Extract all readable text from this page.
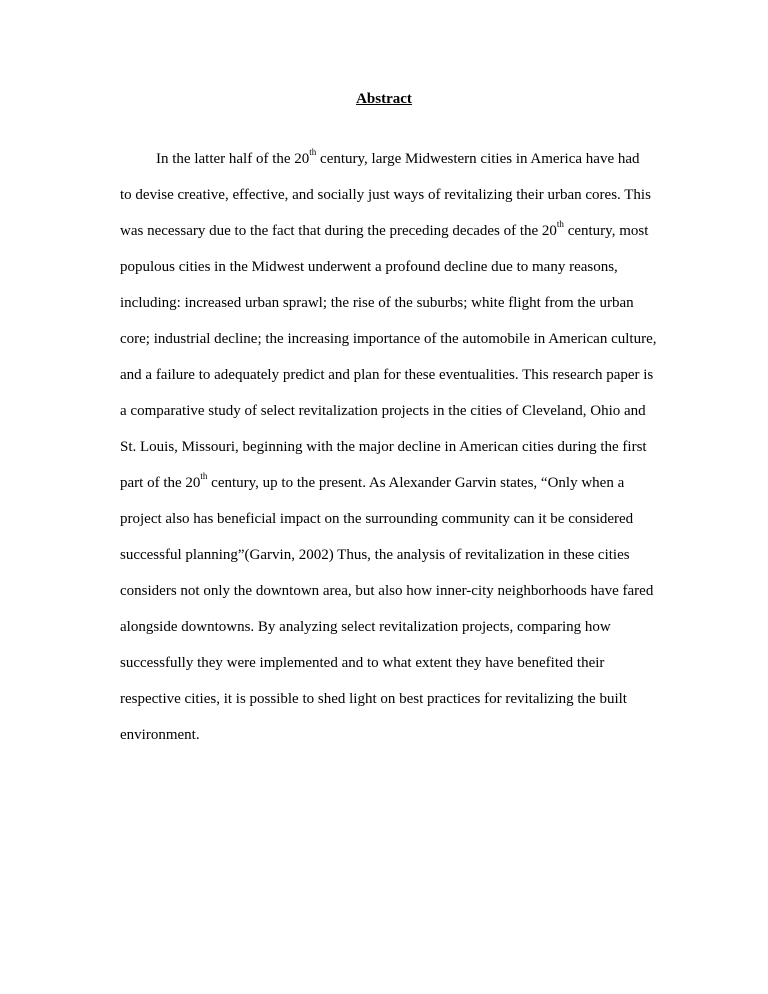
Abstract
In the latter half of the 20th century, large Midwestern cities in America have had
to devise creative, effective, and socially just ways of revitalizing their urban cores. This
was necessary due to the fact that during the preceding decades of the 20th century, most
populous cities in the Midwest underwent a profound decline due to many reasons,
including: increased urban sprawl; the rise of the suburbs; white flight from the urban
core; industrial decline; the increasing importance of the automobile in American culture,
and a failure to adequately predict and plan for these eventualities. This research paper is
a comparative study of select revitalization projects in the cities of Cleveland, Ohio and
St. Louis, Missouri, beginning with the major decline in American cities during the first
part of the 20th century, up to the present. As Alexander Garvin states, “Only when a
project also has beneficial impact on the surrounding community can it be considered
successful planning”(Garvin, 2002) Thus, the analysis of revitalization in these cities
considers not only the downtown area, but also how inner-city neighborhoods have fared
alongside downtowns. By analyzing select revitalization projects, comparing how
successfully they were implemented and to what extent they have benefited their
respective cities, it is possible to shed light on best practices for revitalizing the built
environment.
